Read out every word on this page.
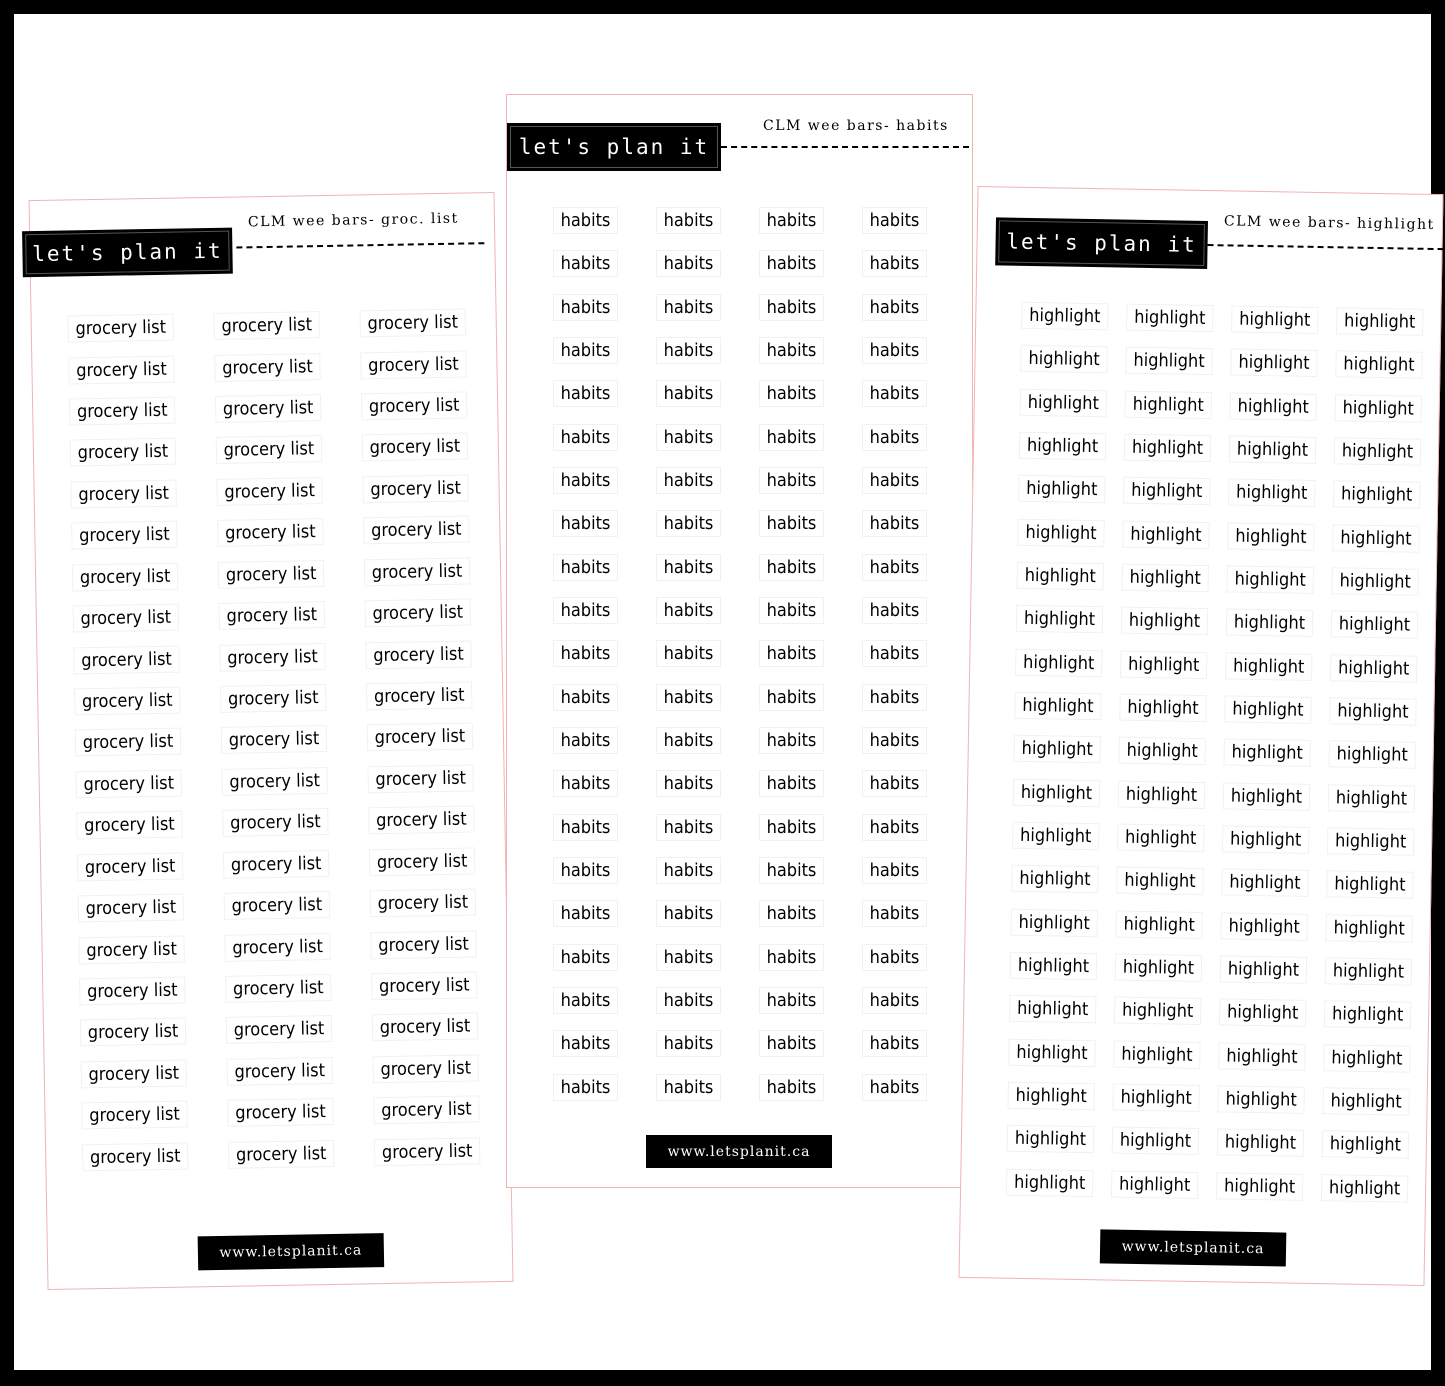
let's plan it
CLM wee bars- groc. list
grocery list	grocery list	grocery list
grocery list	grocery list	grocery list
grocery list	grocery list	grocery list
grocery list	grocery list	grocery list
grocery list	grocery list	grocery list
grocery list	grocery list	grocery list
grocery list	grocery list	grocery list
grocery list	grocery list	grocery list
grocery list	grocery list	grocery list
grocery list	grocery list	grocery list
grocery list	grocery list	grocery list
grocery list	grocery list	grocery list
grocery list	grocery list	grocery list
grocery list	grocery list	grocery list
grocery list	grocery list	grocery list
grocery list	grocery list	grocery list
grocery list	grocery list	grocery list
grocery list	grocery list	grocery list
grocery list	grocery list	grocery list
grocery list	grocery list	grocery list
grocery list	grocery list	grocery list
www.letsplanit.ca
let's plan it
CLM wee bars- habits
habits	habits	habits	habits
habits	habits	habits	habits
habits	habits	habits	habits
habits	habits	habits	habits
habits	habits	habits	habits
habits	habits	habits	habits
habits	habits	habits	habits
habits	habits	habits	habits
habits	habits	habits	habits
habits	habits	habits	habits
habits	habits	habits	habits
habits	habits	habits	habits
habits	habits	habits	habits
habits	habits	habits	habits
habits	habits	habits	habits
habits	habits	habits	habits
habits	habits	habits	habits
habits	habits	habits	habits
habits	habits	habits	habits
habits	habits	habits	habits
habits	habits	habits	habits
www.letsplanit.ca
let's plan it
CLM wee bars- highlight
highlight	highlight	highlight	highlight
highlight	highlight	highlight	highlight
highlight	highlight	highlight	highlight
highlight	highlight	highlight	highlight
highlight	highlight	highlight	highlight
highlight	highlight	highlight	highlight
highlight	highlight	highlight	highlight
highlight	highlight	highlight	highlight
highlight	highlight	highlight	highlight
highlight	highlight	highlight	highlight
highlight	highlight	highlight	highlight
highlight	highlight	highlight	highlight
highlight	highlight	highlight	highlight
highlight	highlight	highlight	highlight
highlight	highlight	highlight	highlight
highlight	highlight	highlight	highlight
highlight	highlight	highlight	highlight
highlight	highlight	highlight	highlight
highlight	highlight	highlight	highlight
highlight	highlight	highlight	highlight
highlight	highlight	highlight	highlight
www.letsplanit.ca
